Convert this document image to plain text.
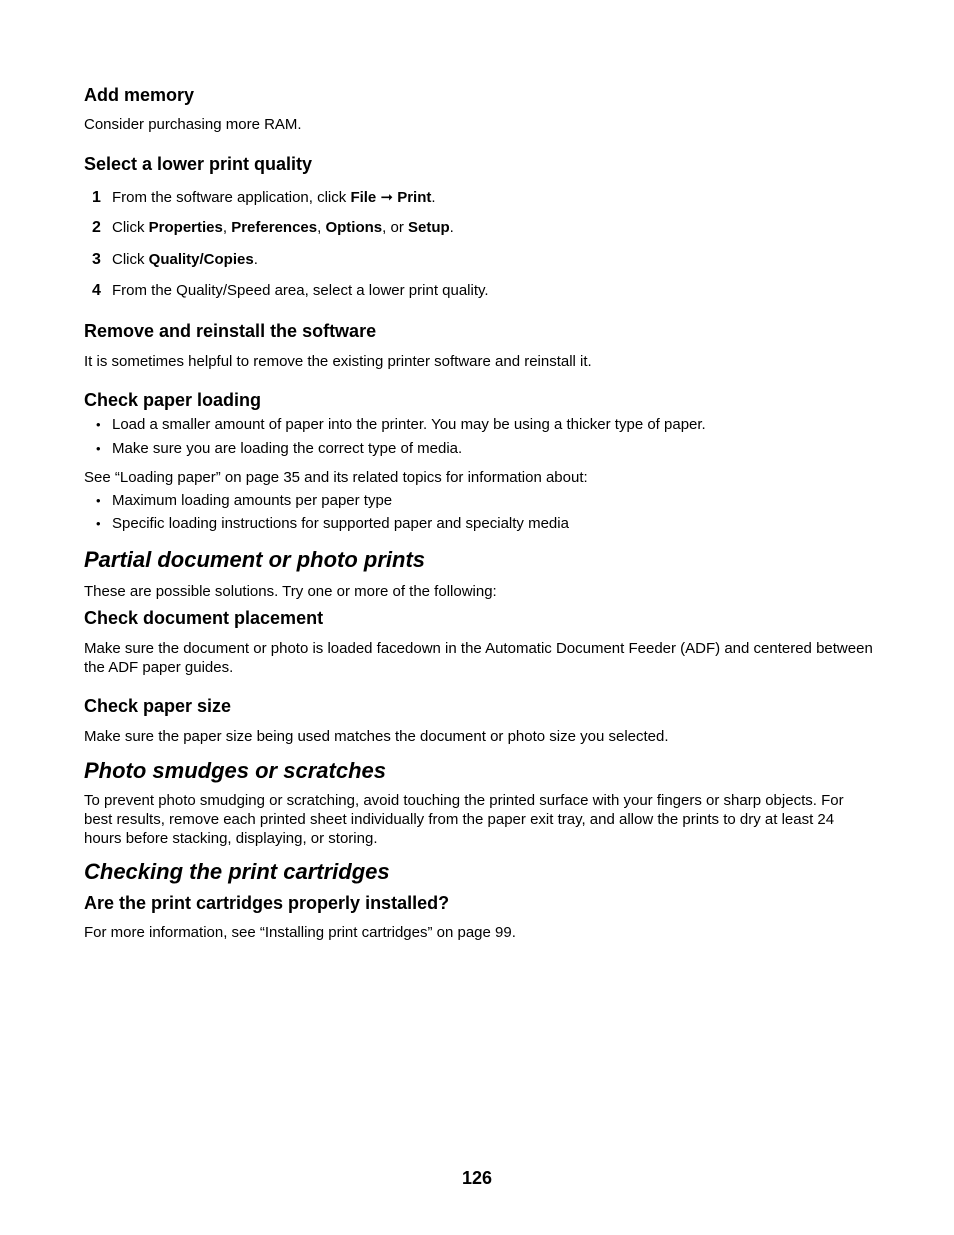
Add memory

Consider purchasing more RAM.

Select a lower print quality
1 From the software application, click File ➞ Print.
2 Click Properties, Preferences, Options, or Setup.
3 Click Quality/Copies.
4 From the Quality/Speed area, select a lower print quality.
Remove and reinstall the software

It is sometimes helpful to remove the existing printer software and reinstall it.

Check paper loading
• Load a smaller amount of paper into the printer. You may be using a thicker type of paper.
• Make sure you are loading the correct type of media.

See “Loading paper” on page 35 and its related topics for information about:

• Maximum loading amounts per paper type
• Specific loading instructions for supported paper and specialty media
Partial document or photo prints

These are possible solutions. Try one or more of the following:

Check document placement

Make sure the document or photo is loaded facedown in the Automatic Document Feeder (ADF) and centered between the ADF paper guides.

Check paper size

Make sure the paper size being used matches the document or photo size you selected.

Photo smudges or scratches

To prevent photo smudging or scratching, avoid touching the printed surface with your fingers or sharp objects. For best results, remove each printed sheet individually from the paper exit tray, and allow the prints to dry at least 24 hours before stacking, displaying, or storing.

Checking the print cartridges
Are the print cartridges properly installed?

For more information, see “Installing print cartridges” on page 99.

126
